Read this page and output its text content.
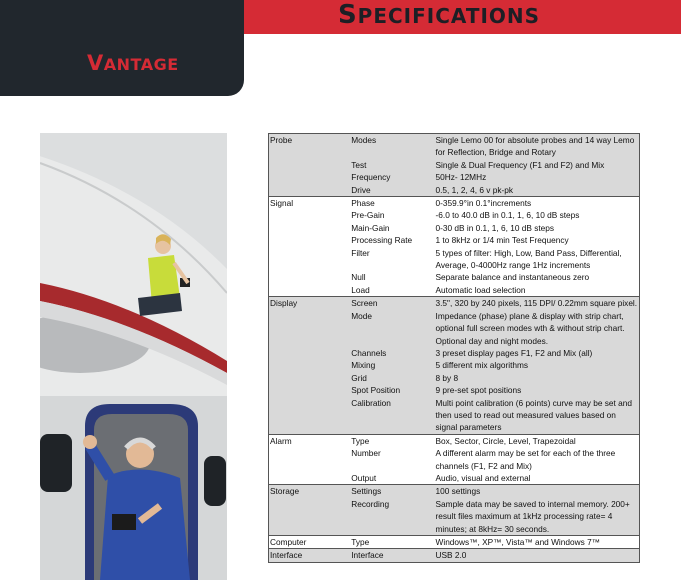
SPECIFICATIONS
VANTAGE
Probe	Modes	Single Lemo 00 for absolute probes and 14 way Lemo for Reflection, Bridge and Rotary
	Test	Single & Dual Frequency (F1 and F2) and Mix
	Frequency	50Hz- 12MHz
	Drive	0.5, 1, 2, 4, 6 v pk-pk
Signal	Phase	0-359.9°in 0.1°increments
	Pre-Gain	-6.0 to 40.0 dB in 0.1, 1, 6, 10 dB steps
	Main-Gain	0-30 dB in 0.1, 1, 6, 10 dB steps
	Processing Rate	1 to 8kHz or 1/4 min Test Frequency
	Filter	5 types of filter: High, Low, Band Pass, Differential, Average, 0-4000Hz range 1Hz increments
	Null	Separate balance and instantaneous zero
	Load	Automatic load selection
Display	Screen	3.5", 320 by 240 pixels, 115 DPI/ 0.22mm square pixel.
	Mode	Impedance (phase) plane & display with strip chart, optional full screen modes wth & without strip chart. Optional day and night modes.
	Channels	3 preset display pages F1, F2 and Mix (all)
	Mixing	5 different mix algorithms
	Grid	8 by 8
	Spot Position	9 pre-set spot positions
	Calibration	Multi point calibration (6 points) curve may be set and then used to read out measured values based on signal parameters
Alarm	Type	Box, Sector, Circle, Level, Trapezoidal
	Number	A different alarm may be set for each of the three channels (F1, F2 and Mix)
	Output	Audio, visual and external
Storage	Settings	100 settings
	Recording	Sample data may be saved to internal memory. 200+ result files maximum at 1kHz processing rate= 4 minutes; at 8kHz= 30 seconds.
Computer	Type	Windows™, XP™, Vista™ and Windows 7™
Interface	Interface	USB 2.0
